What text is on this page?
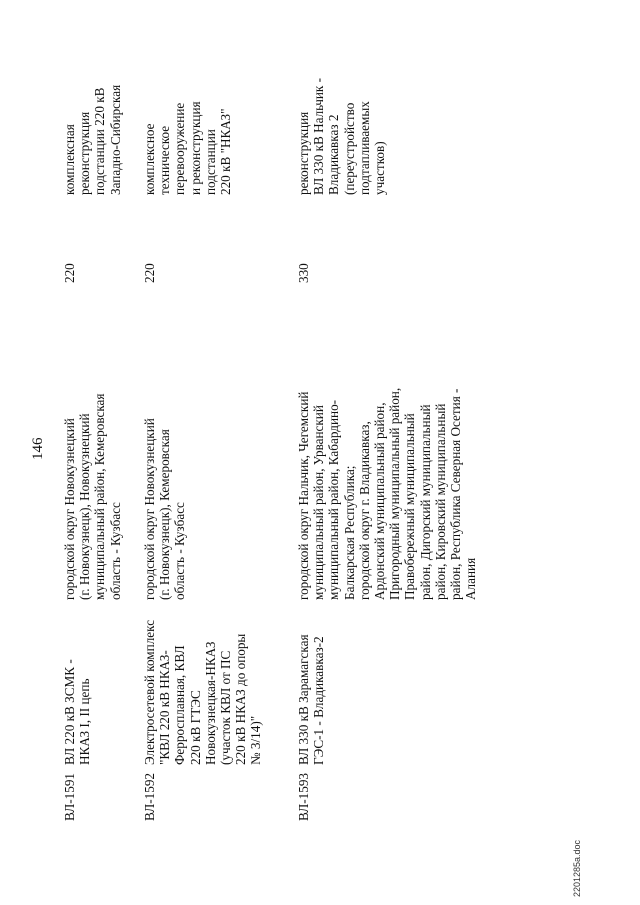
146
ВЛ-1591
ВЛ 220 кВ ЗСМК -
НКАЗ I, II цепь
городской округ Новокузнецкий
(г. Новокузнецк), Новокузнецкий
муниципальный район, Кемеровская
область - Кузбасс
220
комплексная
реконструкция
подстанции 220 кВ
Западно-Сибирская
ВЛ-1592
Электросетевой комплекс
"КВЛ 220 кВ НКАЗ-
Ферросплавная, КВЛ
220 кВ ГТЭС
Новокузнецкая-НКАЗ
(участок КВЛ от ПС
220 кВ НКАЗ до опоры
№ 3/14)"
городской округ Новокузнецкий
(г. Новокузнецк), Кемеровская
область - Кузбасс
220
комплексное
техническое
перевооружение
и реконструкция
подстанции
220 кВ "НКАЗ"
ВЛ-1593
ВЛ 330 кВ Зарамагская
ГЭС-1 - Владикавказ-2
городской округ Нальчик, Чегемский
муниципальный район, Урванский
муниципальный район, Кабардино-
Балкарская Республика;
городской округ г. Владикавказ,
Ардонский муниципальный район,
Пригородный муниципальный район,
Правобережный муниципальный
район, Дигорский муниципальный
район, Кировский муниципальный
район, Республика Северная Осетия -
Алания
330
реконструкция
ВЛ 330 кВ Нальчик -
Владикавказ 2
(переустройство
подтапливаемых
участков)
2201285а.doc
